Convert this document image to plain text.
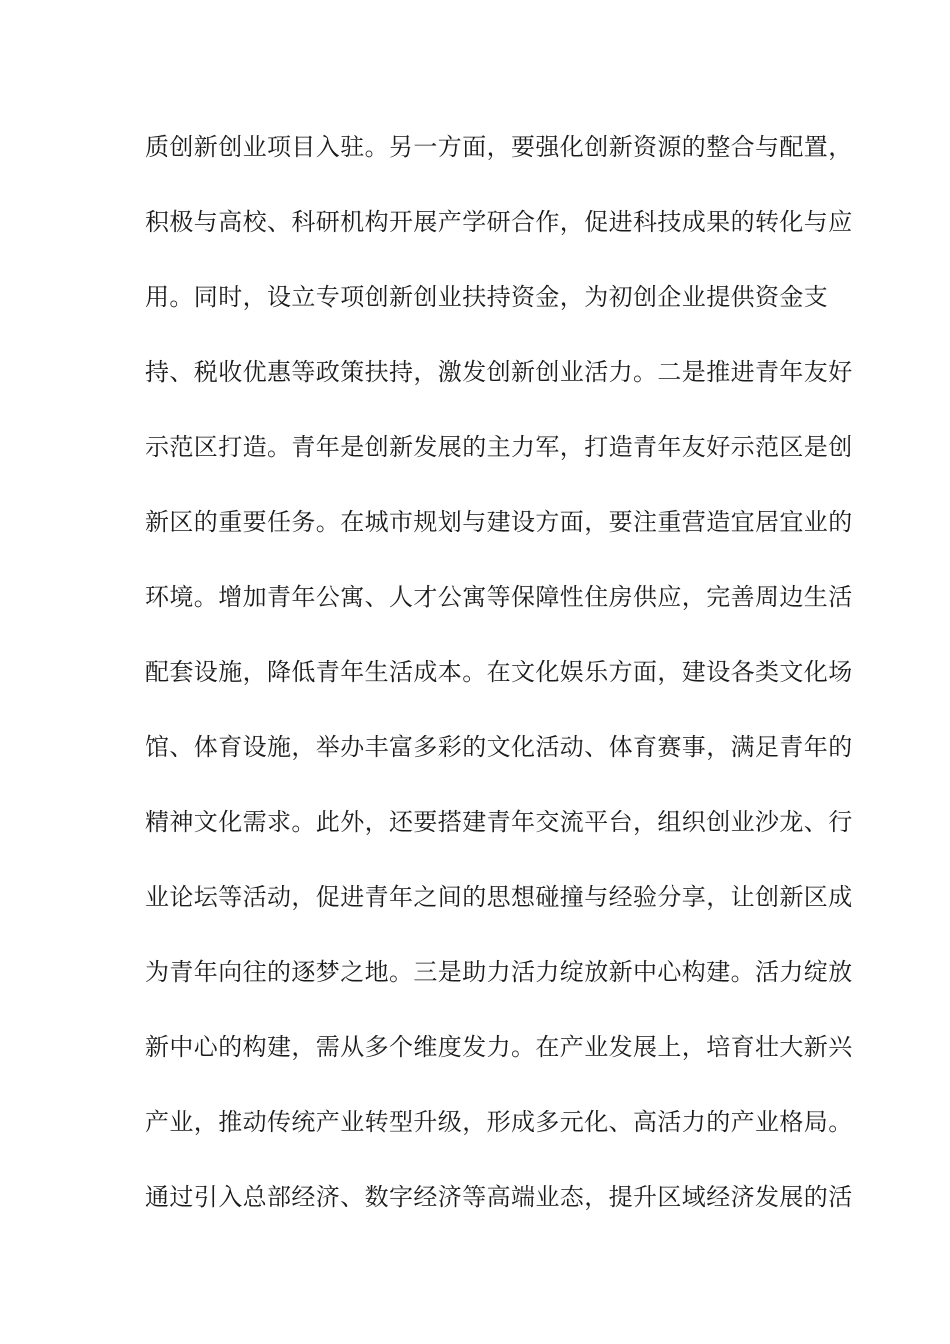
质创新创业项目入驻。另一方面，要强化创新资源的整合与配置，
积极与高校、科研机构开展产学研合作，促进科技成果的转化与应
用。同时，设立专项创新创业扶持资金，为初创企业提供资金支
持、税收优惠等政策扶持，激发创新创业活力。二是推进青年友好
示范区打造。青年是创新发展的主力军，打造青年友好示范区是创
新区的重要任务。在城市规划与建设方面，要注重营造宜居宜业的
环境。增加青年公寓、人才公寓等保障性住房供应，完善周边生活
配套设施，降低青年生活成本。在文化娱乐方面，建设各类文化场
馆、体育设施，举办丰富多彩的文化活动、体育赛事，满足青年的
精神文化需求。此外，还要搭建青年交流平台，组织创业沙龙、行
业论坛等活动，促进青年之间的思想碰撞与经验分享，让创新区成
为青年向往的逐梦之地。三是助力活力绽放新中心构建。活力绽放
新中心的构建，需从多个维度发力。在产业发展上，培育壮大新兴
产业，推动传统产业转型升级，形成多元化、高活力的产业格局。
通过引入总部经济、数字经济等高端业态，提升区域经济发展的活
